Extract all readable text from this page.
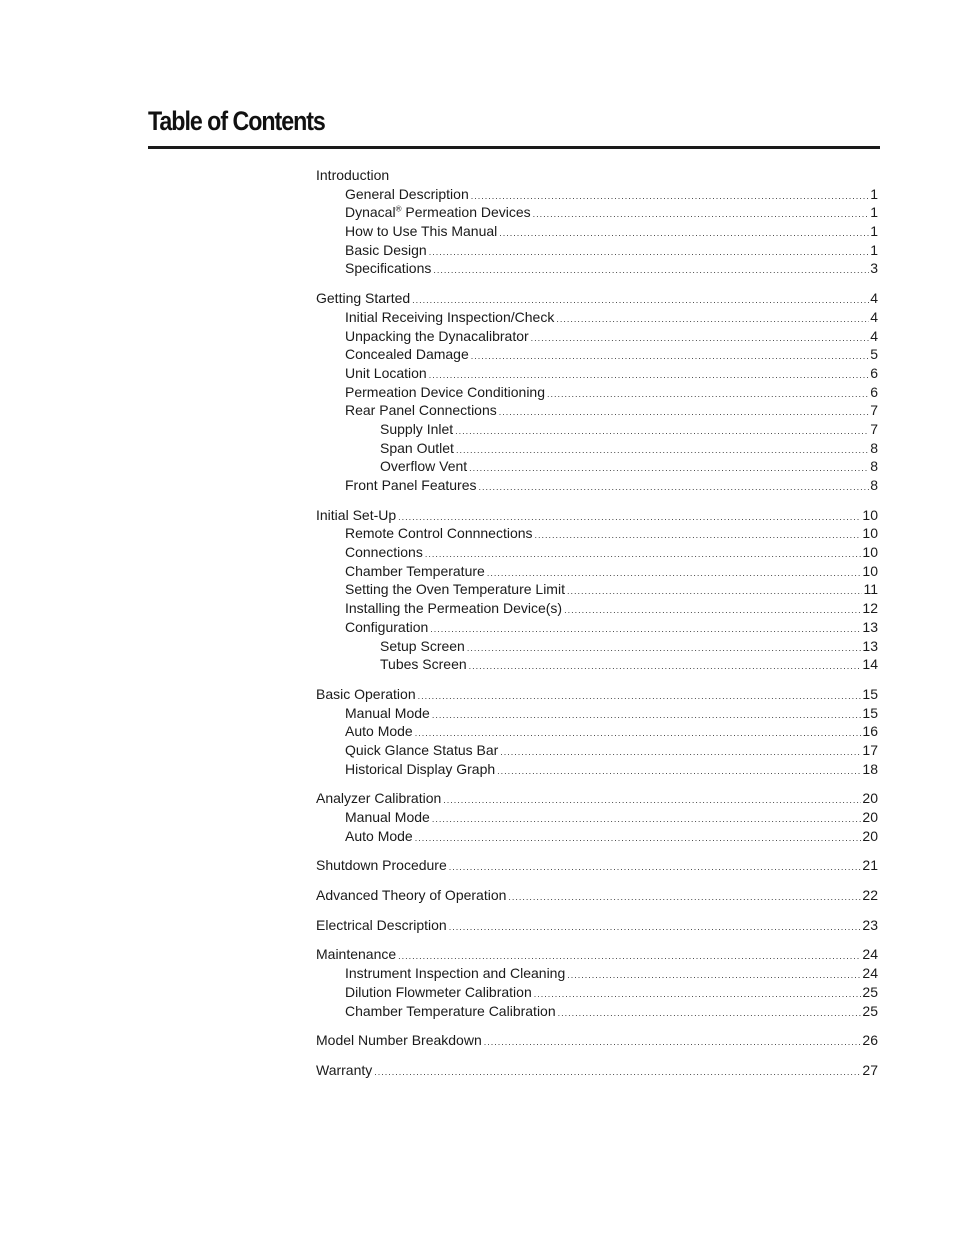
Table of Contents
Introduction
General Description .....	1
Dynacal® Permeation Devices .....	1
How to Use This Manual .....	1
Basic Design .....	1
Specifications .....	3
Getting Started .....	4
Initial Receiving Inspection/Check .....	4
Unpacking the Dynacalibrator .....	4
Concealed Damage .....	5
Unit Location .....	6
Permeation Device Conditioning .....	6
Rear Panel Connections .....	7
Supply Inlet .....	7
Span Outlet .....	8
Overflow Vent .....	8
Front Panel Features .....	8
Initial Set-Up .....	10
Remote Control Connnections .....	10
Connections .....	10
Chamber Temperature .....	10
Setting the Oven Temperature Limit .....	11
Installing the Permeation Device(s) .....	12
Configuration .....	13
Setup Screen .....	13
Tubes Screen .....	14
Basic Operation .....	15
Manual Mode .....	15
Auto Mode .....	16
Quick Glance Status Bar .....	17
Historical Display Graph .....	18
Analyzer Calibration .....	20
Manual Mode .....	20
Auto Mode .....	20
Shutdown Procedure .....	21
Advanced Theory of Operation .....	22
Electrical Description .....	23
Maintenance .....	24
Instrument Inspection and Cleaning .....	24
Dilution Flowmeter Calibration .....	25
Chamber Temperature Calibration .....	25
Model Number Breakdown .....	26
Warranty .....	27
